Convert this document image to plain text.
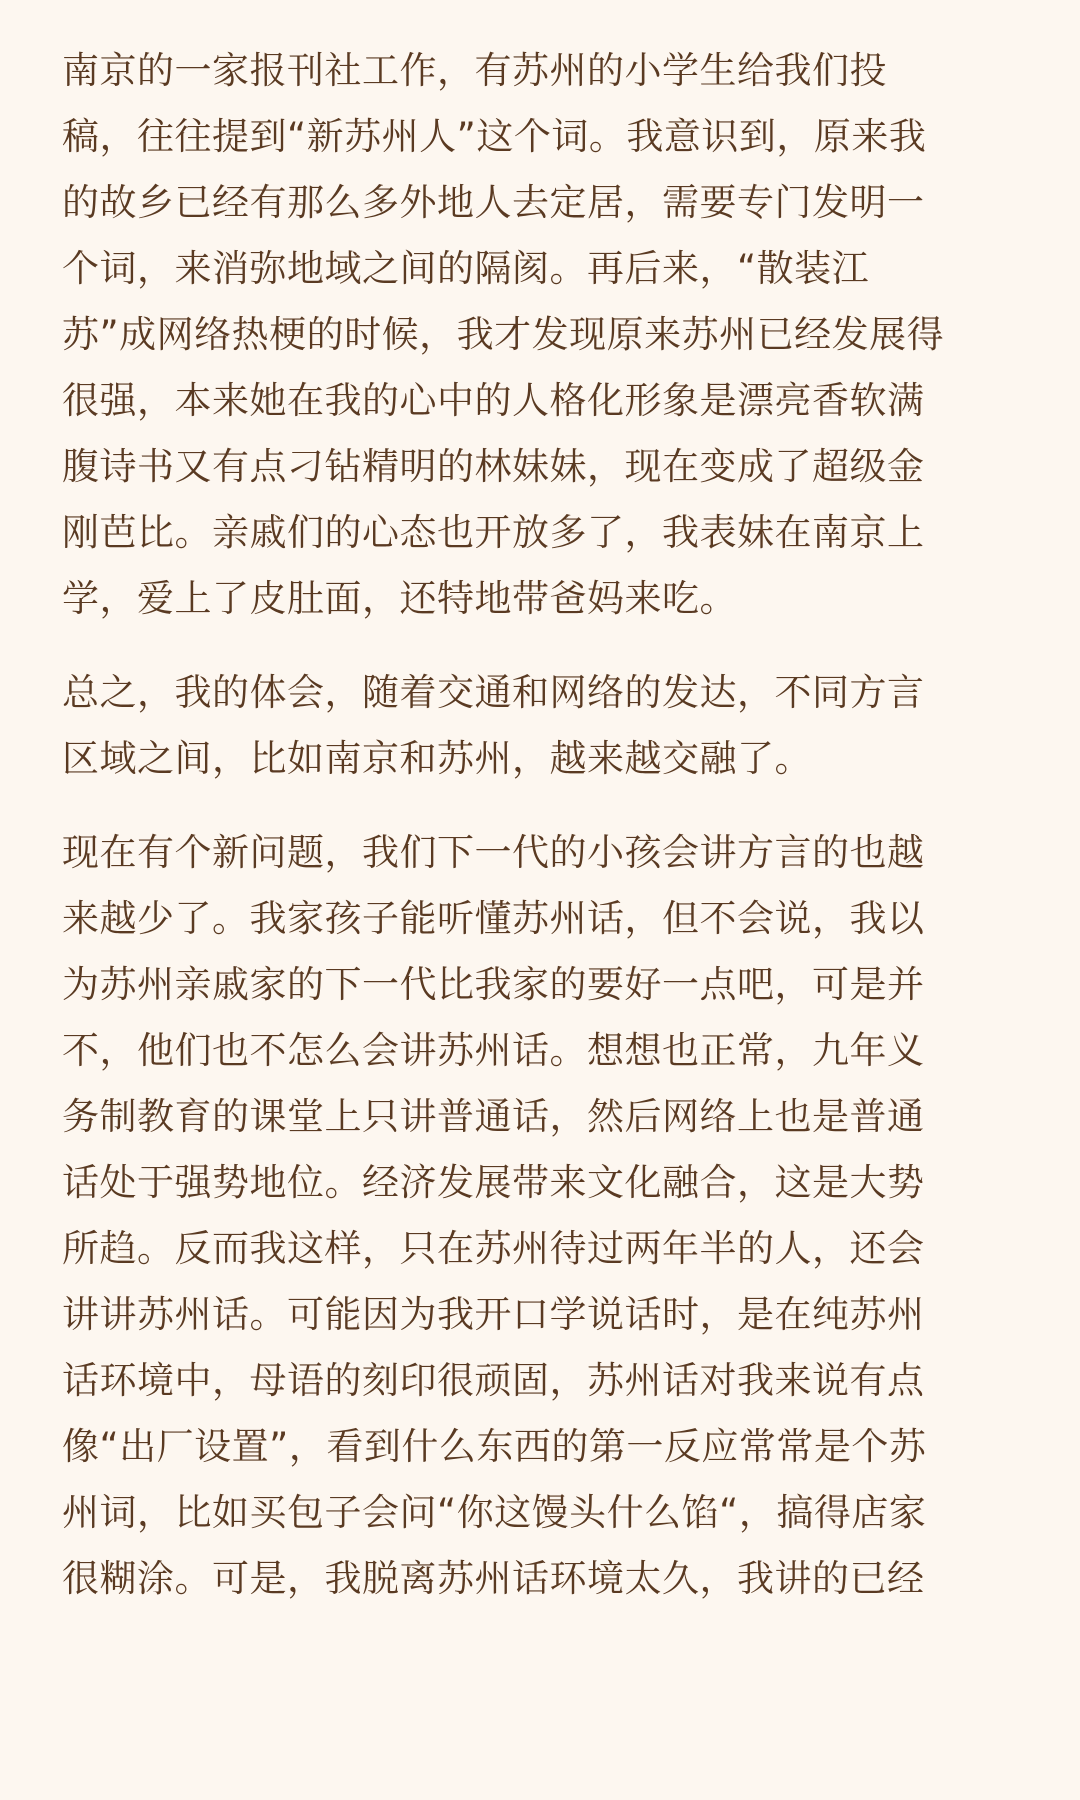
南京的一家报刊社工作，有苏州的小学生给我们投
稿，往往提到“新苏州人”这个词。我意识到，原来我
的故乡已经有那么多外地人去定居，需要专门发明一
个词，来消弥地域之间的隔阂。再后来，“散装江
苏”成网络热梗的时候，我才发现原来苏州已经发展得
很强，本来她在我的心中的人格化形象是漂亮香软满
腹诗书又有点刁钻精明的林妹妹，现在变成了超级金
刚芭比。亲戚们的心态也开放多了，我表妹在南京上
学，爱上了皮肚面，还特地带爸妈来吃。
总之，我的体会，随着交通和网络的发达，不同方言
区域之间，比如南京和苏州，越来越交融了。
现在有个新问题，我们下一代的小孩会讲方言的也越
来越少了。我家孩子能听懂苏州话，但不会说，我以
为苏州亲戚家的下一代比我家的要好一点吧，可是并
不，他们也不怎么会讲苏州话。想想也正常，九年义
务制教育的课堂上只讲普通话，然后网络上也是普通
话处于强势地位。经济发展带来文化融合，这是大势
所趋。反而我这样，只在苏州待过两年半的人，还会
讲讲苏州话。可能因为我开口学说话时，是在纯苏州
话环境中，母语的刻印很顽固，苏州话对我来说有点
像“出厂设置”，看到什么东西的第一反应常常是个苏
州词，比如买包子会问“你这馒头什么馅“，搞得店家
很糊涂。可是，我脱离苏州话环境太久，我讲的已经
